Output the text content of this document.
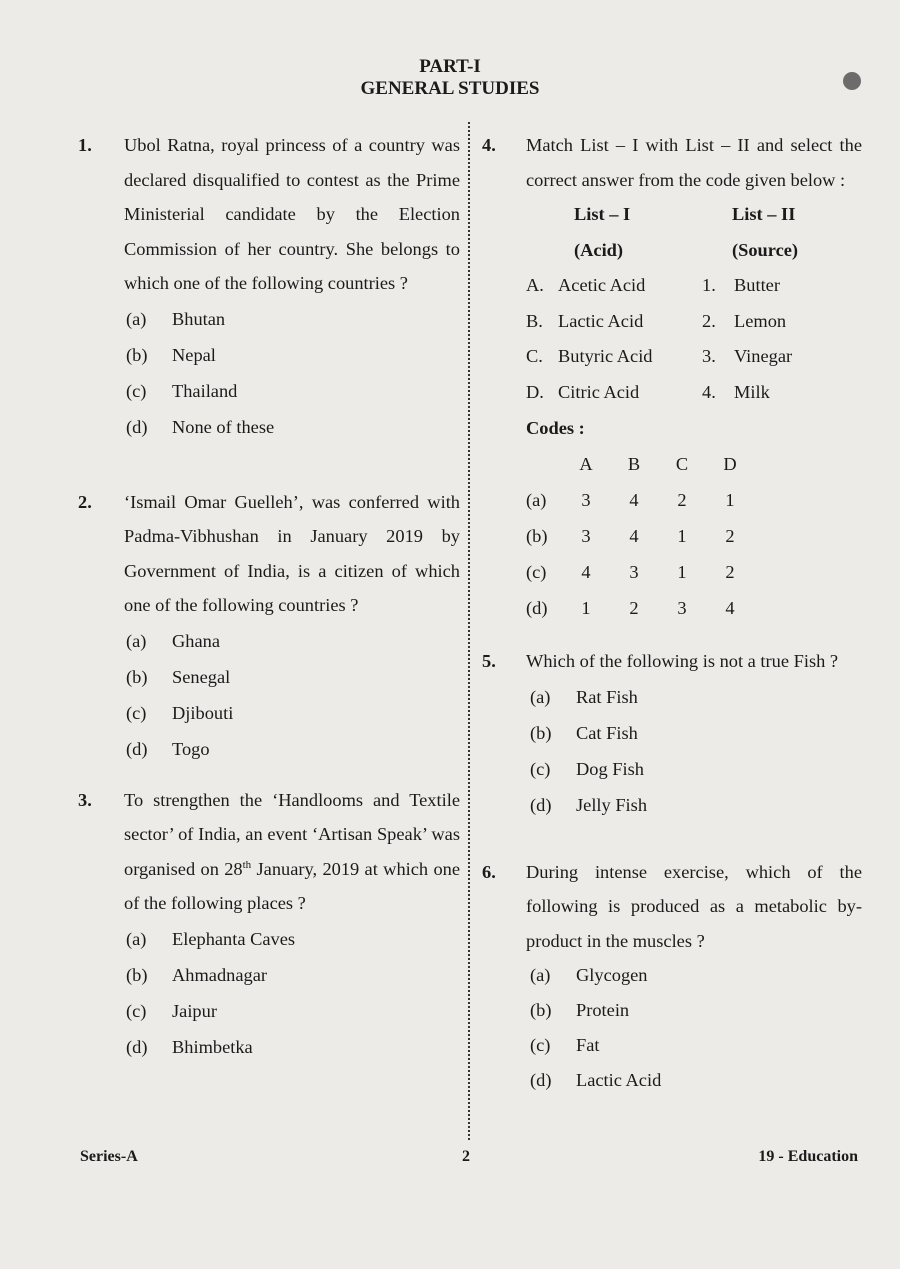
PART-I
GENERAL STUDIES
1. Ubol Ratna, royal princess of a country was declared disqualified to contest as the Prime Ministerial candidate by the Election Commission of her country. She belongs to which one of the following countries ?
(a) Bhutan
(b) Nepal
(c) Thailand
(d) None of these
2. ‘Ismail Omar Guelleh’, was conferred with Padma-Vibhushan in January 2019 by Government of India, is a citizen of which one of the following countries ?
(a) Ghana
(b) Senegal
(c) Djibouti
(d) Togo
3. To strengthen the ‘Handlooms and Textile sector’ of India, an event ‘Artisan Speak’ was organised on 28th January, 2019 at which one of the following places ?
(a) Elephanta Caves
(b) Ahmadnagar
(c) Jaipur
(d) Bhimbetka
4. Match List – I with List – II and select the correct answer from the code given below :
List – I	List – II
(Acid)	(Source)
A. Acetic Acid	1. Butter
B. Lactic Acid	2. Lemon
C. Butyric Acid	3. Vinegar
D. Citric Acid	4. Milk
Codes :
A B C D
(a) 3 4 2 1
(b) 3 4 1 2
(c) 4 3 1 2
(d) 1 2 3 4
5. Which of the following is not a true Fish ?
(a) Rat Fish
(b) Cat Fish
(c) Dog Fish
(d) Jelly Fish
6. During intense exercise, which of the following is produced as a metabolic by-product in the muscles ?
(a) Glycogen
(b) Protein
(c) Fat
(d) Lactic Acid
Series-A	2	19 - Education
